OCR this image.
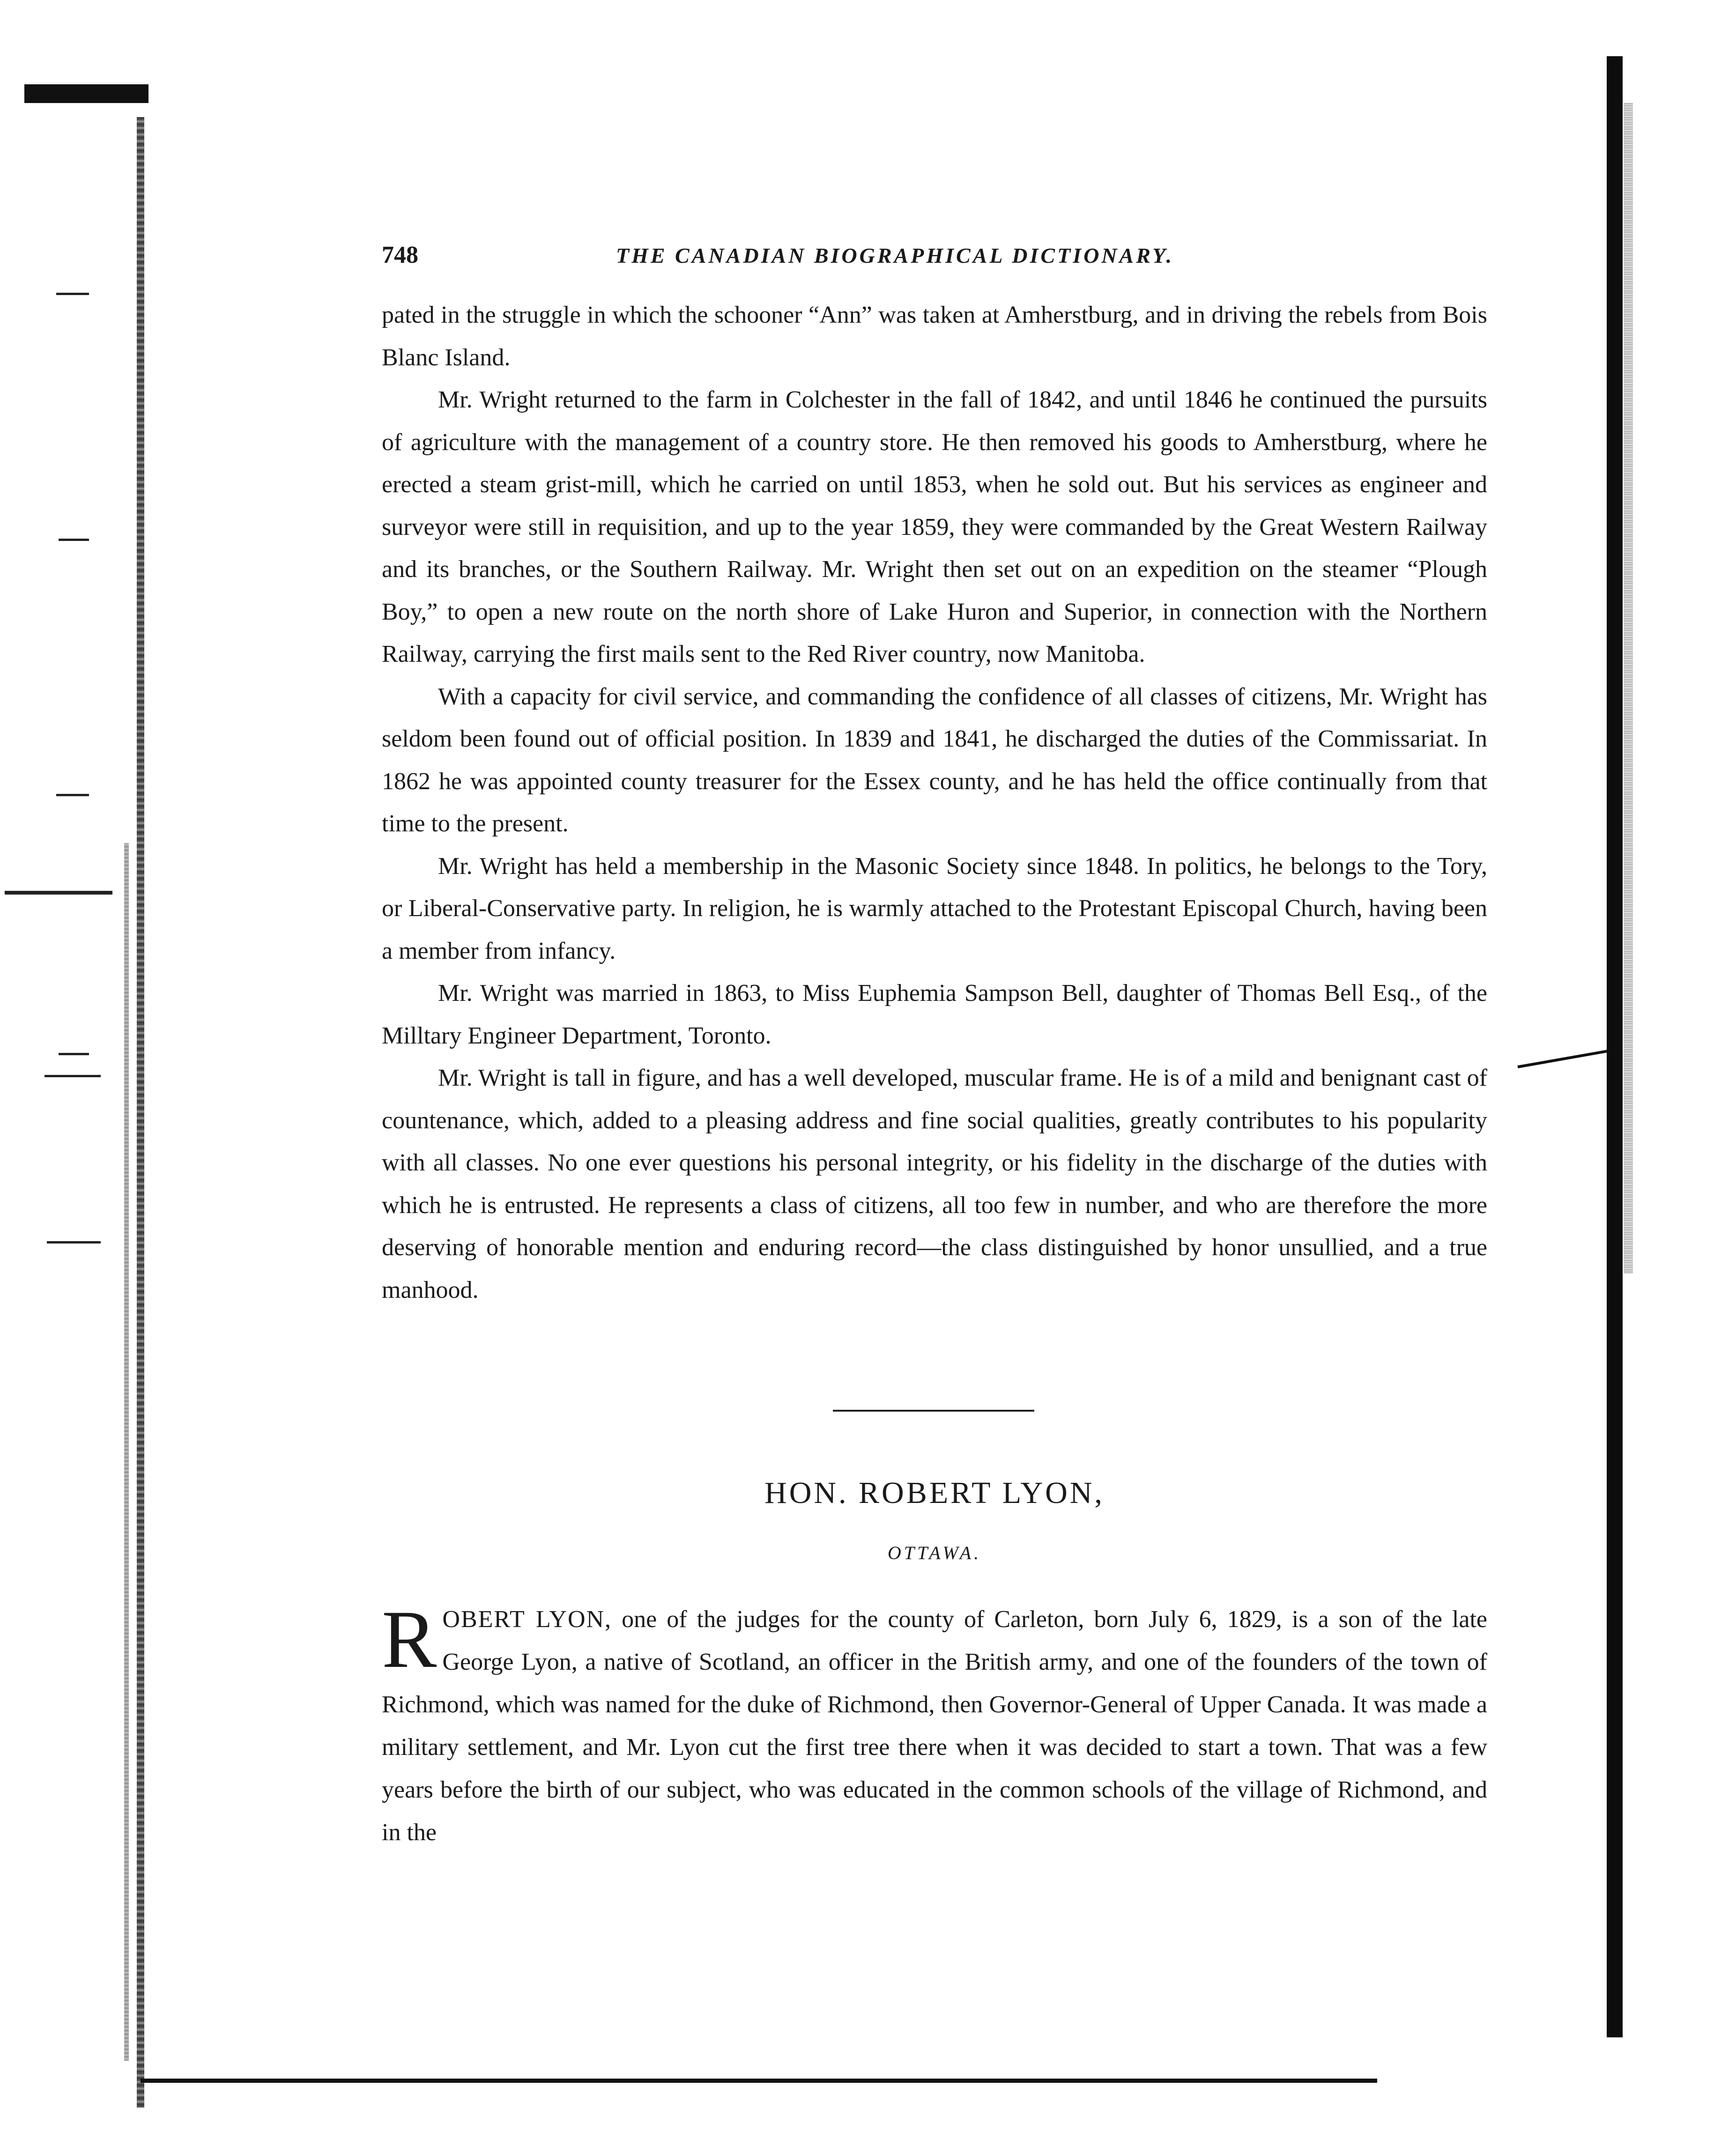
748	THE CANADIAN BIOGRAPHICAL DICTIONARY.

pated in the struggle in which the schooner “Ann” was taken at Amherstburg, and in driving the rebels from Bois Blanc Island.

Mr. Wright returned to the farm in Colchester in the fall of 1842, and until 1846 he continued the pursuits of agriculture with the management of a country store. He then removed his goods to Amherstburg, where he erected a steam grist-mill, which he carried on until 1853, when he sold out. But his services as engineer and surveyor were still in requisition, and up to the year 1859, they were commanded by the Great Western Railway and its branches, or the Southern Railway. Mr. Wright then set out on an expedition on the steamer “Plough Boy,” to open a new route on the north shore of Lake Huron and Superior, in connection with the Northern Railway, carrying the first mails sent to the Red River country, now Manitoba.

With a capacity for civil service, and commanding the confidence of all classes of citizens, Mr. Wright has seldom been found out of official position. In 1839 and 1841, he discharged the duties of the Commissariat. In 1862 he was appointed county treasurer for the Essex county, and he has held the office continually from that time to the present.

Mr. Wright has held a membership in the Masonic Society since 1848. In politics, he belongs to the Tory, or Liberal-Conservative party. In religion, he is warmly attached to the Protestant Episcopal Church, having been a member from infancy.

Mr. Wright was married in 1863, to Miss Euphemia Sampson Bell, daughter of Thomas Bell Esq., of the Milltary Engineer Department, Toronto.

Mr. Wright is tall in figure, and has a well developed, muscular frame. He is of a mild and benignant cast of countenance, which, added to a pleasing address and fine social qualities, greatly contributes to his popularity with all classes. No one ever questions his personal integrity, or his fidelity in the discharge of the duties with which he is entrusted. He represents a class of citizens, all too few in number, and who are therefore the more deserving of honorable mention and enduring record—the class distinguished by honor unsullied, and a true manhood.

HON. ROBERT LYON,
OTTAWA.

ROBERT LYON, one of the judges for the county of Carleton, born July 6, 1829, is a son of the late George Lyon, a native of Scotland, an officer in the British army, and one of the founders of the town of Richmond, which was named for the duke of Richmond, then Governor-General of Upper Canada. It was made a military settlement, and Mr. Lyon cut the first tree there when it was decided to start a town. That was a few years before the birth of our subject, who was educated in the common schools of the village of Richmond, and in the
